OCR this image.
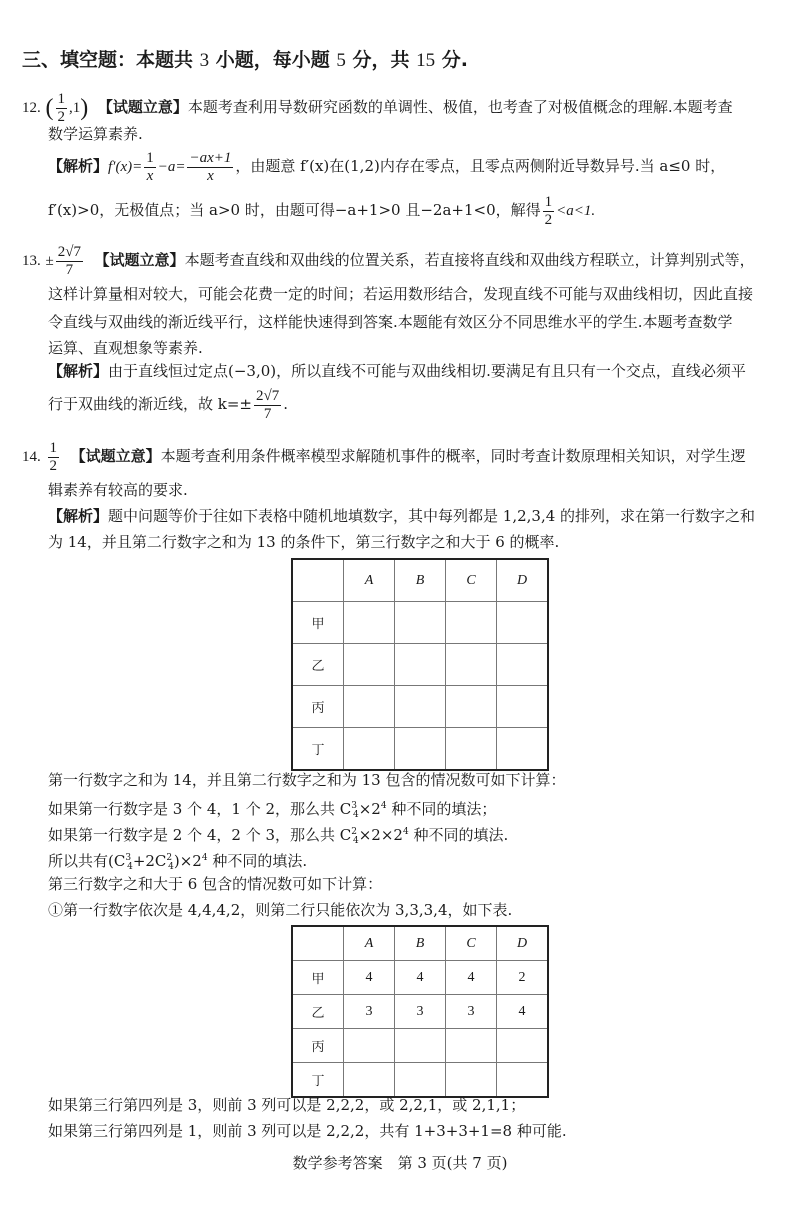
三、填空题：本题共 3 小题，每小题 5 分，共 15 分.
12. ( $\frac{1}{2} ,1$) 【试题立意】本题考查利用导数研究函数的单调性、极值，也考查了对极值概念的理解.本题考查
数学运算素养.
【解析】$f'(x)= \frac{1}{x} -a= \frac{-ax+1}{x}$ ，由题意 f′(x)在(1,2)内存在零点，且零点两侧附近导数异号.当 a≤0 时，
f′(x)>0，无极值点；当 a>0 时，由题可得−a+1>0 且−2a+1<0，解得 $\frac{1}{2} <a<1$.
13. ± $\frac{2√7}{7}$ 【试题立意】本题考查直线和双曲线的位置关系，若直接将直线和双曲线方程联立，计算判别式等，
这样计算量相对较大，可能会花费一定的时间；若运用数形结合，发现直线不可能与双曲线相切，因此直接
令直线与双曲线的渐近线平行，这样能快速得到答案.本题能有效区分不同思维水平的学生.本题考查数学
运算、直观想象等素养.
【解析】由于直线恒过定点(−3,0)，所以直线不可能与双曲线相切.要满足有且只有一个交点，直线必须平
行于双曲线的渐近线，故 $k=\pm \frac{2√7}{7}$ .
14. $\frac{1}{2}$ 【试题立意】本题考查利用条件概率模型求解随机事件的概率，同时考查计数原理相关知识，对学生逻
辑素养有较高的要求.
【解析】题中问题等价于往如下表格中随机地填数字，其中每列都是 1,2,3,4 的排列，求在第一行数字之和
为 14，并且第二行数字之和为 13 的条件下，第三行数字之和大于 6 的概率.
	A	B	C	D
甲				
乙				
丙				
丁				
第一行数字之和为 14，并且第二行数字之和为 13 包含的情况数可如下计算：
如果第一行数字是 3 个 4，1 个 2，那么共 $C^3_4\times 2^4$ 种不同的填法；
如果第一行数字是 2 个 4，2 个 3，那么共 $C^2_4\times 2\times 2^4$ 种不同的填法.
所以共有$(C^3_4+2C^2_4)\times 2^4$ 种不同的填法.
第三行数字之和大于 6 包含的情况数可如下计算：
①第一行数字依次是 4,4,4,2，则第二行只能依次为 3,3,3,4，如下表.
	A	B	C	D
甲	4	4	4	2
乙	3	3	3	4
丙				
丁				
如果第三行第四列是 3，则前 3 列可以是 2,2,2，或 2,2,1，或 2,1,1；
如果第三行第四列是 1，则前 3 列可以是 2,2,2，共有 1+3+3+1=8 种可能.
数学参考答案　第 3 页(共 7 页)
